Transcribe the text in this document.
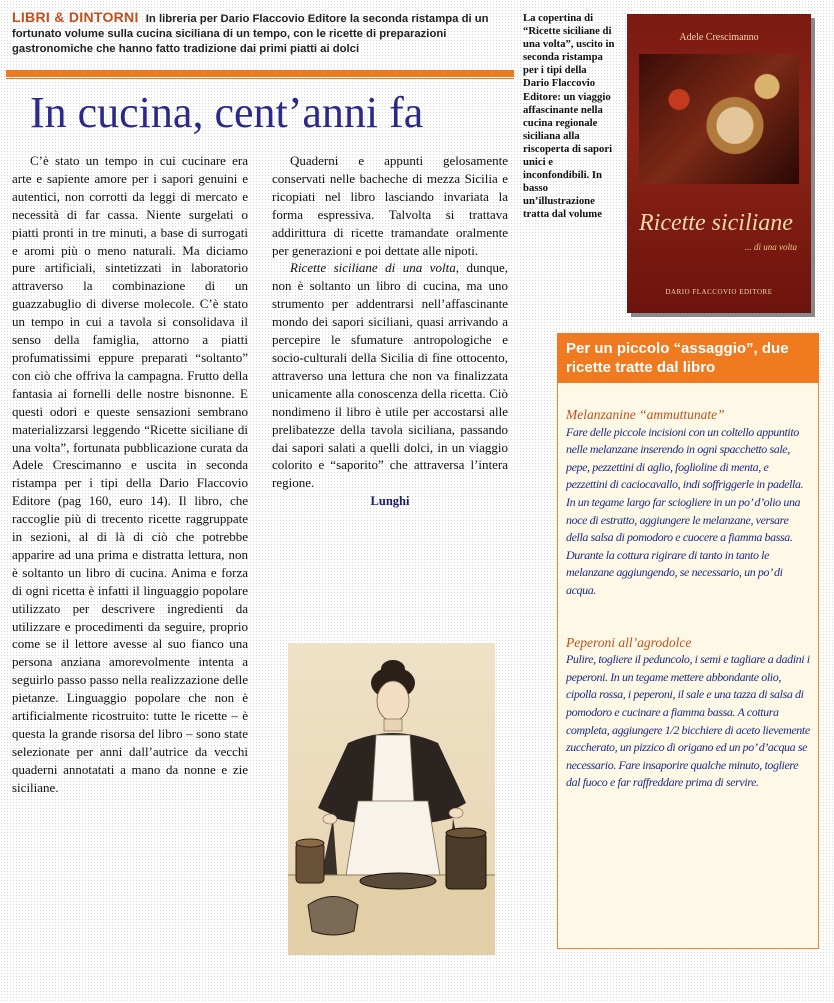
LIBRI & DINTORNI In libreria per Dario Flaccovio Editore la seconda ristampa di un fortunato volume sulla cucina siciliana di un tempo, con le ricette di preparazioni gastronomiche che hanno fatto tradizione dai primi piatti ai dolci
In cucina, cent’anni fa

C’è stato un tempo in cui cucinare era arte e sapiente amore per i sapori genuini e autentici, non corrotti da leggi di mercato e necessità di far cassa. Niente surgelati o piatti pronti in tre minuti, a base di surrogati e aromi più o meno naturali. Ma diciamo pure artificiali, sintetizzati in laboratorio attraverso la combinazione di un guazzabuglio di diverse molecole. C’è stato un tempo in cui a tavola si consolidava il senso della famiglia, attorno a piatti profumatissimi eppure preparati “soltanto” con ciò che offriva la campagna. Frutto della fantasia ai fornelli delle nostre bisnonne. E questi odori e queste sensazioni sembrano materializzarsi leggendo “Ricette siciliane di una volta”, fortunata pubblicazione curata da Adele Crescimanno e uscita in seconda ristampa per i tipi della Dario Flaccovio Editore (pag 160, euro 14). Il libro, che raccoglie più di trecento ricette raggruppate in sezioni, al di là di ciò che potrebbe apparire ad una prima e distratta lettura, non è soltanto un libro di cucina. Anima e forza di ogni ricetta è infatti il linguaggio popolare utilizzato per descrivere ingredienti da utilizzare e procedimenti da seguire, proprio come se il lettore avesse al suo fianco una persona anziana amorevolmente intenta a seguirlo passo passo nella realizzazione delle pietanze. Linguaggio popolare che non è artificialmente ricostruito: tutte le ricette – è questa la grande risorsa del libro – sono state selezionate per anni dall’autrice da vecchi quaderni annotatati a mano da nonne e zie siciliane.

Quaderni e appunti gelosamente conservati nelle bacheche di mezza Sicilia e ricopiati nel libro lasciando invariata la forma espressiva. Talvolta si trattava addirittura di ricette tramandate oralmente per generazioni e poi dettate alle nipoti.

Ricette siciliane di una volta, dunque, non è soltanto un libro di cucina, ma uno strumento per addentrarsi nell’affascinante mondo dei sapori siciliani, quasi arrivando a percepire le sfumature antropologiche e socio-culturali della Sicilia di fine ottocento, attraverso una lettura che non va finalizzata unicamente alla conoscenza della ricetta. Ciò nondimeno il libro è utile per accostarsi alle prelibatezze della tavola siciliana, passando dai sapori salati a quelli dolci, in un viaggio colorito e “saporito” che attraversa l’intera regione.

Lunghi

La copertina di “Ricette siciliane di una volta”, uscito in seconda ristampa per i tipi della Dario Flaccovio Editore: un viaggio affascinante nella cucina regionale siciliana alla riscoperta di sapori unici e inconfondibili. In basso un’illustrazione tratta dal volume
Adele Crescimanno
Ricette siciliane
... di una volta
DARIO FLACCOVIO EDITORE
Per un piccolo “assaggio”, due ricette tratte dal libro
Melanzanine “ammuttunate”

Fare delle piccole incisioni con un coltello appuntito nelle melanzane inserendo in ogni spacchetto sale, pepe, pezzettini di aglio, foglioline di menta, e pezzettini di caciocavallo, indi soffriggerle in padella. In un tegame largo far sciogliere in un po’ d’olio una noce di estratto, aggiungere le melanzane, versare della salsa di pomodoro e cuocere a fiamma bassa. Durante la cottura rigirare di tanto in tanto le melanzane aggiungendo, se necessario, un po’ di acqua.

Peperoni all’agrodolce

Pulire, togliere il peduncolo, i semi e tagliare a dadini i peperoni. In un tegame mettere abbondante olio, cipolla rossa, i peperoni, il sale e una tazza di salsa di pomodoro e cucinare a fiamma bassa. A cottura completa, aggiungere 1/2 bicchiere di aceto lievemente zuccherato, un pizzico di origano ed un po’ d’acqua se necessario. Fare insaporire qualche minuto, togliere dal fuoco e far raffreddare prima di servire.
